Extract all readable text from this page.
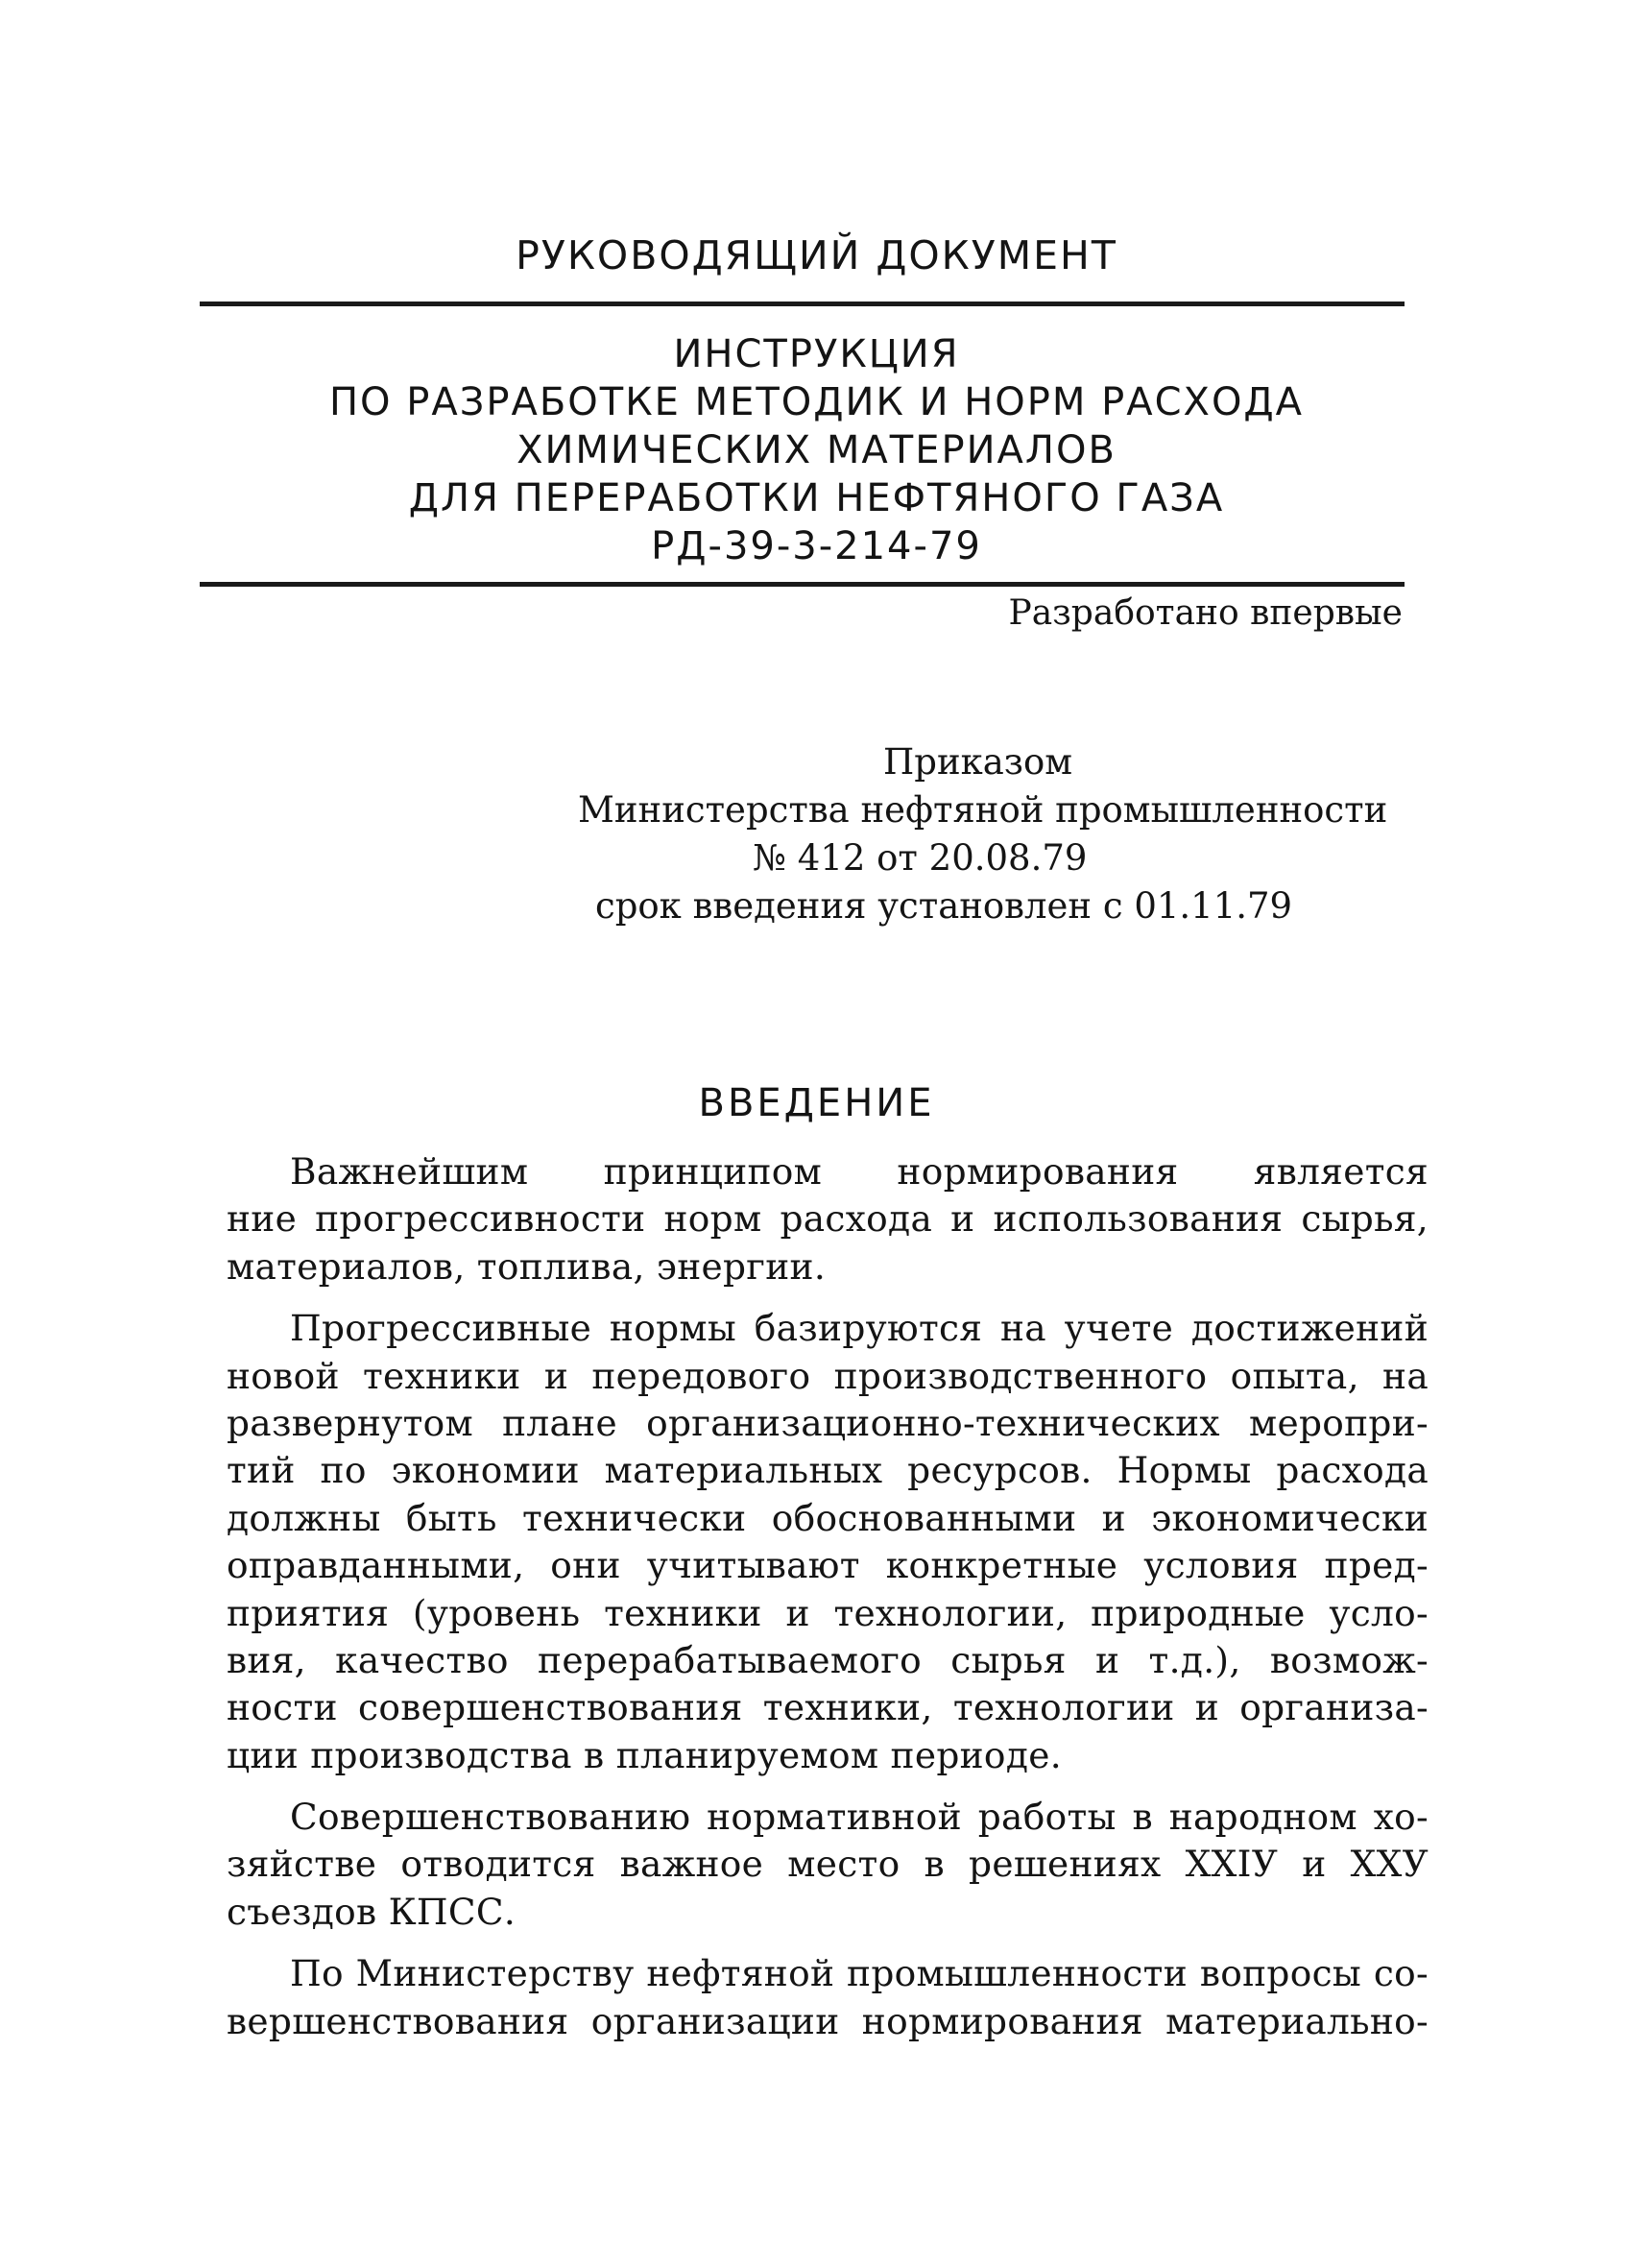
РУКОВОДЯЩИЙ ДОКУМЕНТ
ИНСТРУКЦИЯ
ПО РАЗРАБОТКЕ МЕТОДИК И НОРМ РАСХОДА
ХИМИЧЕСКИХ МАТЕРИАЛОВ
ДЛЯ ПЕРЕРАБОТКИ НЕФТЯНОГО ГАЗА
РД-39-3-214-79
Разработано впервые
Приказом
Министерства нефтяной промышленности
№ 412 от 20.08.79
срок введения установлен с 01.11.79
ВВЕДЕНИЕ
Важнейшим принципом нормирования является
ние прогрессивности норм расхода и использования сырья,
материалов, топлива, энергии.
Прогрессивные нормы базируются на учете достижений
новой техники и передового производственного опыта, на
развернутом плане организационно-технических меропри-
тий по экономии материальных ресурсов. Нормы расхода
должны быть технически обоснованными и экономически
оправданными, они учитывают конкретные условия пред-
приятия (уровень техники и технологии, природные усло-
вия, качество перерабатываемого сырья и т.д.), возмож-
ности совершенствования техники, технологии и организа-
ции производства в планируемом периоде.
Совершенствованию нормативной работы в народном хо-
зяйстве отводится важное место в решениях ХХIУ и ХХУ
съездов КПСС.
По Министерству нефтяной промышленности вопросы со-
вершенствования организации нормирования материально-
